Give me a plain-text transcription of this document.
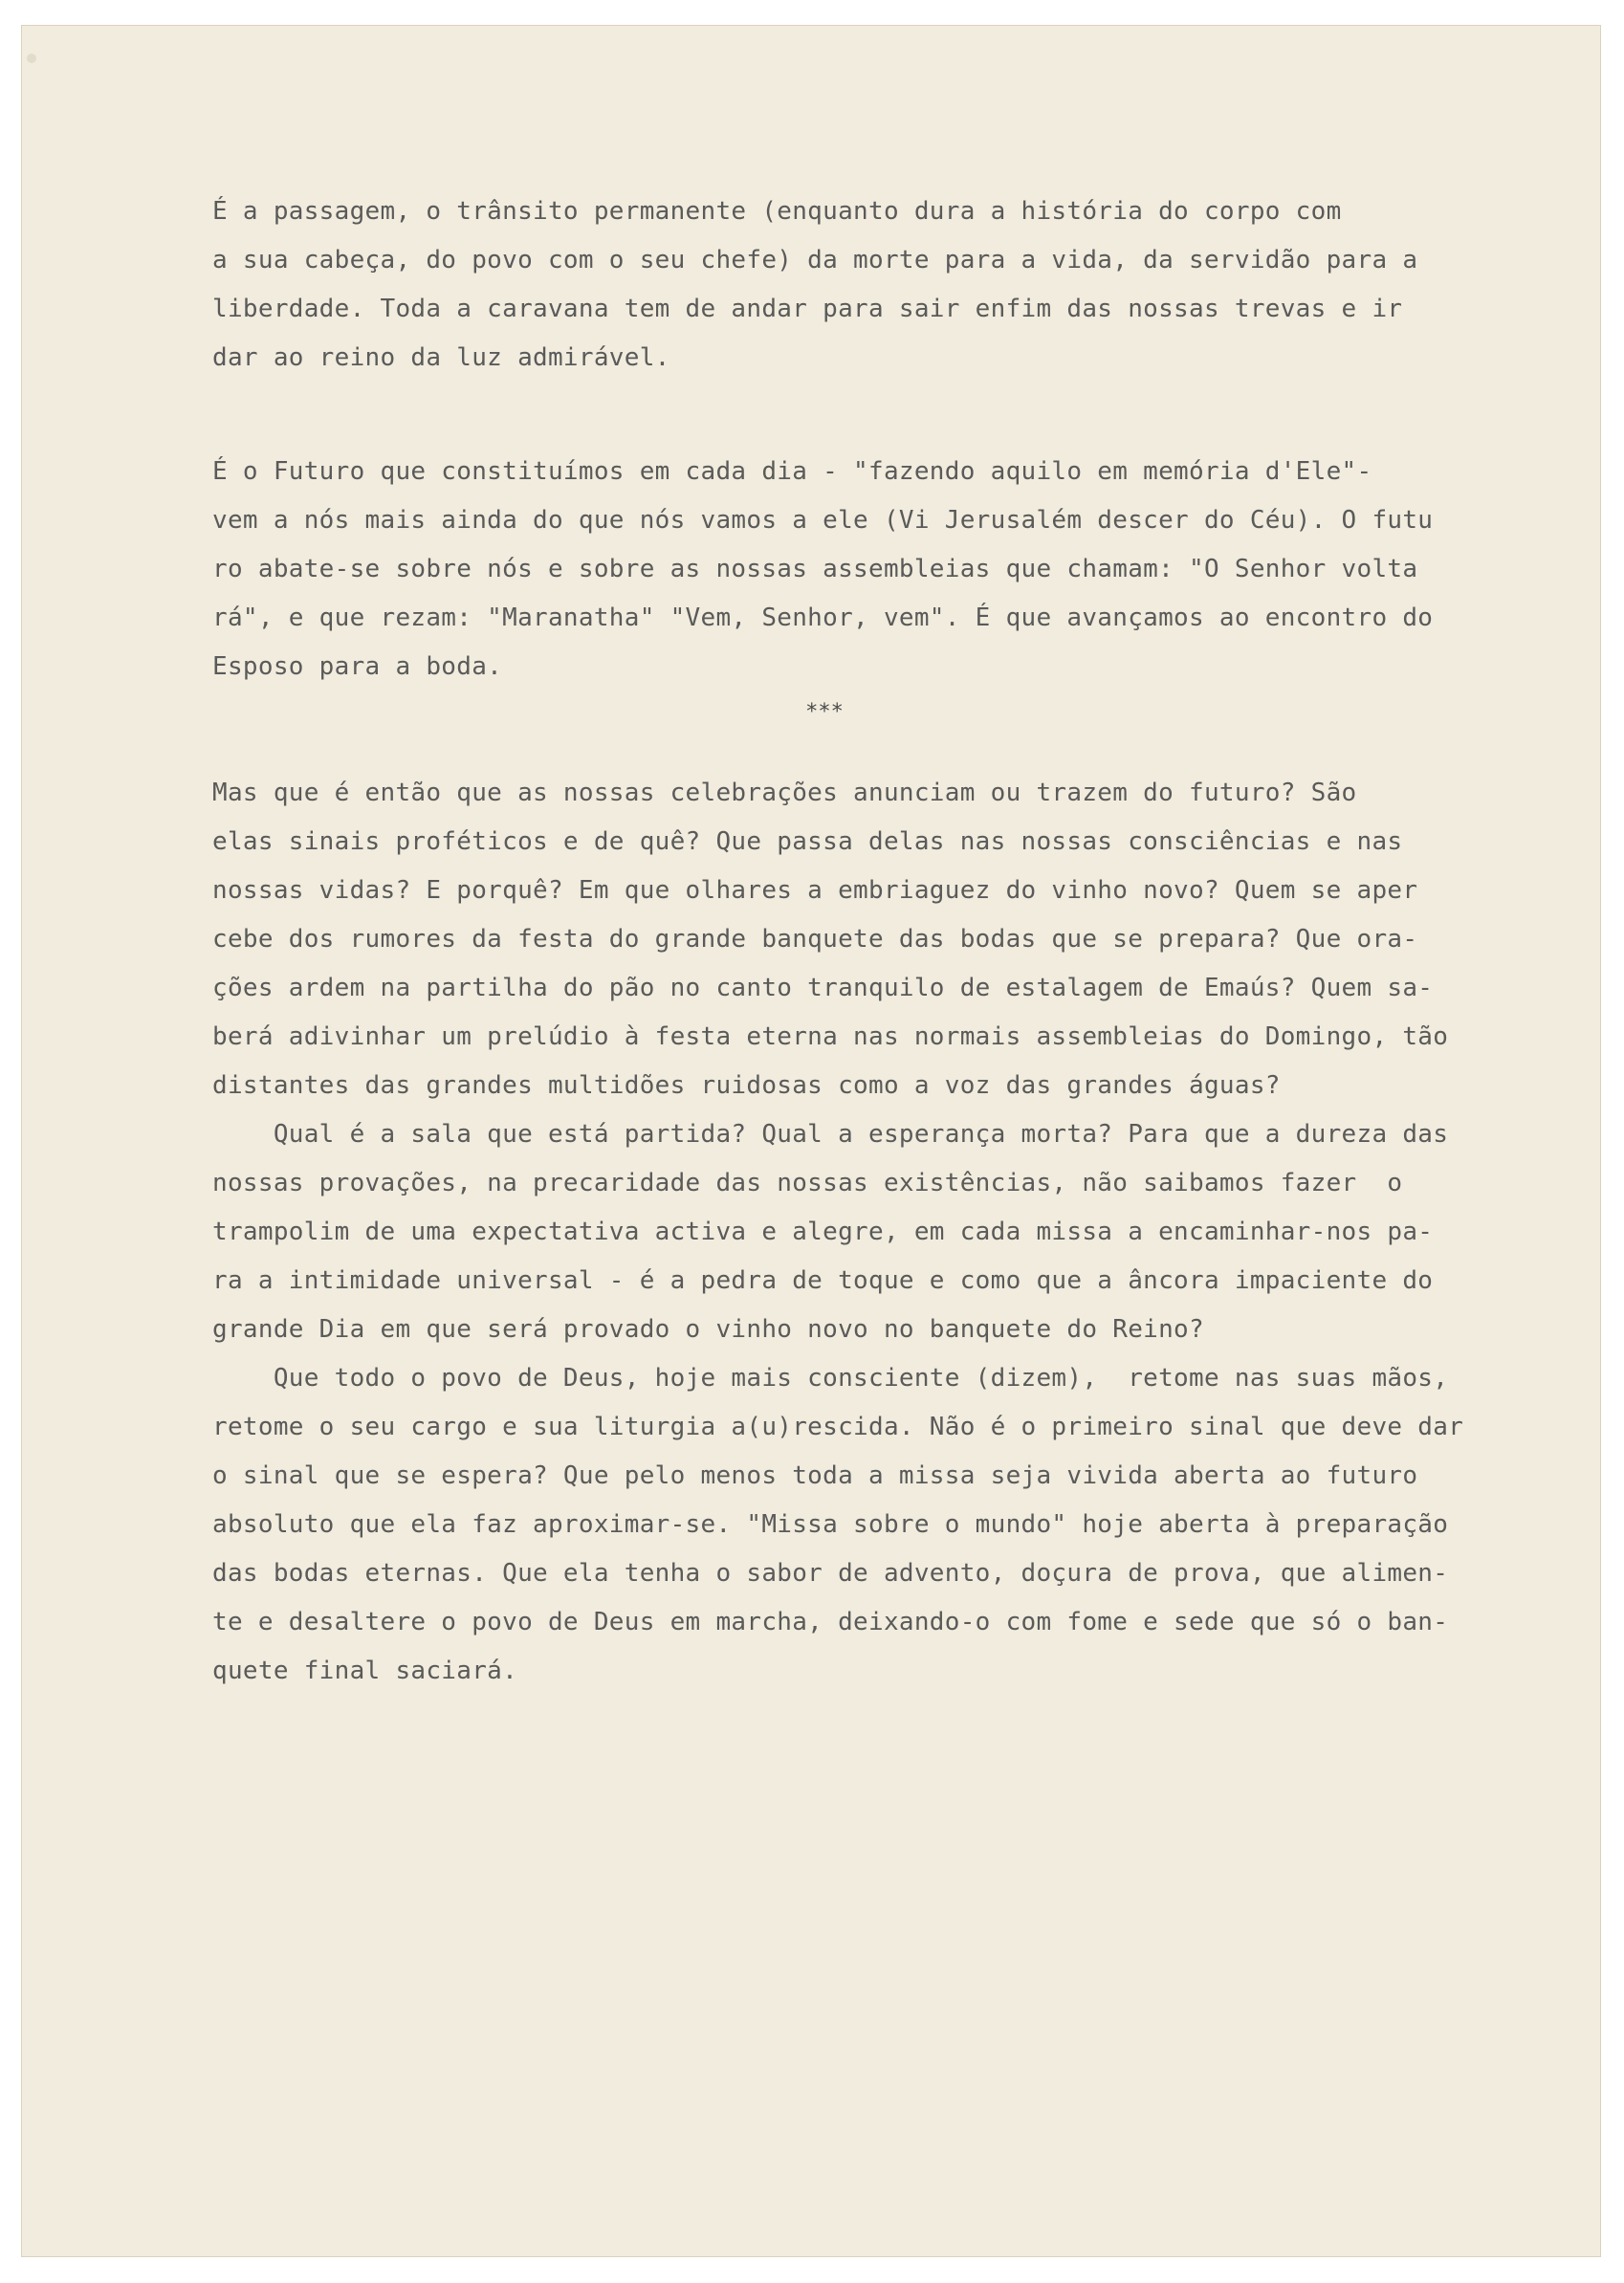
É a passagem, o trânsito permanente (enquanto dura a história do corpo com
a sua cabeça, do povo com o seu chefe) da morte para a vida, da servidão para a
liberdade. Toda a caravana tem de andar para sair enfim das nossas trevas e ir
dar ao reino da luz admirável.
É o Futuro que constituímos em cada dia - "fazendo aquilo em memória d'Ele"-
vem a nós mais ainda do que nós vamos a ele (Vi Jerusalém descer do Céu). O futu
ro abate-se sobre nós e sobre as nossas assembleias que chamam: "O Senhor volta
rá", e que rezam: "Maranatha" "Vem, Senhor, vem". É que avançamos ao encontro do
Esposo para a boda.
***
Mas que é então que as nossas celebrações anunciam ou trazem do futuro? São
elas sinais proféticos e de quê? Que passa delas nas nossas consciências e nas
nossas vidas? E porquê? Em que olhares a embriaguez do vinho novo? Quem se aper
cebe dos rumores da festa do grande banquete das bodas que se prepara? Que ora-
ções ardem na partilha do pão no canto tranquilo de estalagem de Emaús? Quem sa-
berá adivinhar um prelúdio à festa eterna nas normais assembleias do Domingo, tão
distantes das grandes multidões ruidosas como a voz das grandes águas?
Qual é a sala que está partida? Qual a esperança morta? Para que a dureza das
nossas provações, na precaridade das nossas existências, não saibamos fazer  o
trampolim de uma expectativa activa e alegre, em cada missa a encaminhar-nos pa-
ra a intimidade universal - é a pedra de toque e como que a âncora impaciente do
grande Dia em que será provado o vinho novo no banquete do Reino?
Que todo o povo de Deus, hoje mais consciente (dizem),  retome nas suas mãos,
retome o seu cargo e sua liturgia a(u)rescida. Não é o primeiro sinal que deve dar
o sinal que se espera? Que pelo menos toda a missa seja vivida aberta ao futuro
absoluto que ela faz aproximar-se. "Missa sobre o mundo" hoje aberta à preparação
das bodas eternas. Que ela tenha o sabor de advento, doçura de prova, que alimen-
te e desaltere o povo de Deus em marcha, deixando-o com fome e sede que só o ban-
quete final saciará.
